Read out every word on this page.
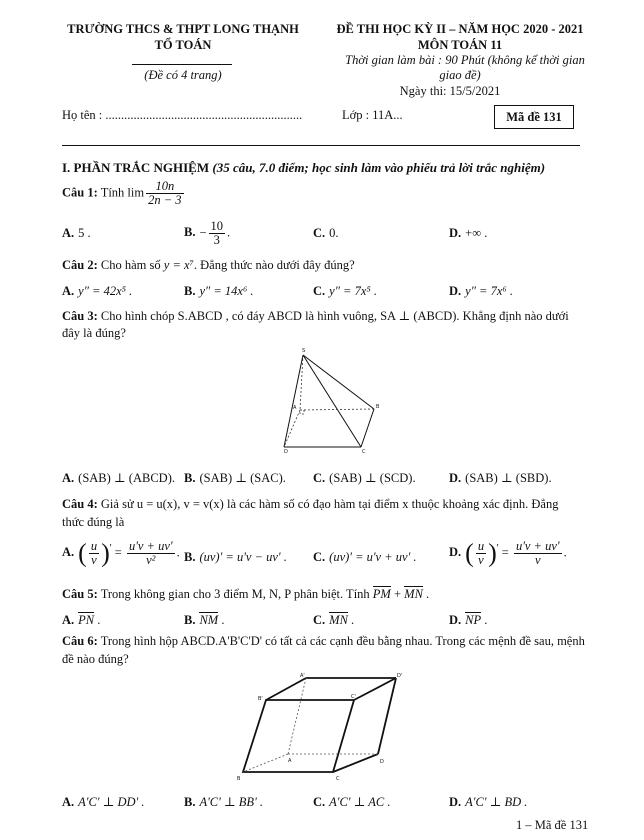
TRƯỜNG THCS & THPT LONG THẠNH
TỔ TOÁN
(Đề có 4 trang)
ĐỀ THI HỌC KỲ II – NĂM HỌC 2020 - 2021
MÔN TOÁN 11
Thời gian làm bài : 90 Phút (không kể thời gian
giao đề)
Ngày thi: 15/5/2021
Họ tên : ...............................................................	Lớp : 11A...	Mã đề 131
I. PHẦN TRẮC NGHIỆM (35 câu, 7.0 điểm; học sinh làm vào phiếu trả lời trắc nghiệm)
Câu 1: Tính $\lim \frac{10n}{2n - 3}$
A. 5 .	B. − $\frac{10}{3}$ .	C. 0.	D. +∞ .
Câu 2: Cho hàm số y = x⁷. Đẳng thức nào dưới đây đúng?
A. y″ = 42x⁵ .	B. y″ = 14x⁶ .	C. y″ = 7x⁵ .	D. y″ = 7x⁶ .
Câu 3: Cho hình chóp S.ABCD , có đáy ABCD là hình vuông, SA ⊥ (ABCD). Khẳng định nào dưới
đây là đúng?
S
A	B
C
D
A. (SAB) ⊥ (ABCD). B. (SAB) ⊥ (SAC). C. (SAB) ⊥ (SCD).	D. (SAB) ⊥ (SBD).
Câu 4: Giả sử u = u(x), v = v(x) là các hàm số có đạo hàm tại điểm x thuộc khoảng xác định. Đẳng
thức đúng là
A. ( $\frac{u}{v} )' = \frac{u'v + uv'}{\text{v²}}$ . B. (uv)' = u'v − uv' . C. (uv)' = u'v + uv' .	D. ( $\frac{u}{v} )' = \frac{u'v + uv'}{v}$ .
Câu 5: Trong không gian cho 3 điểm M, N, P phân biệt. Tính PM + MN .
A. PN .	B. NM .	C. MN .	D. NP .
Câu 6: Trong hình hộp ABCD.A'B'C'D' có tất cả các cạnh đều bằng nhau. Trong các mệnh đề sau, mệnh
đề nào đúng?
A'	D'
B'	C'
A	D
B	C
A. A'C' ⊥ DD' .	B. A'C' ⊥ BB' .	C. A'C' ⊥ AC .	D. A'C' ⊥ BD .
1 – Mã đề 131
